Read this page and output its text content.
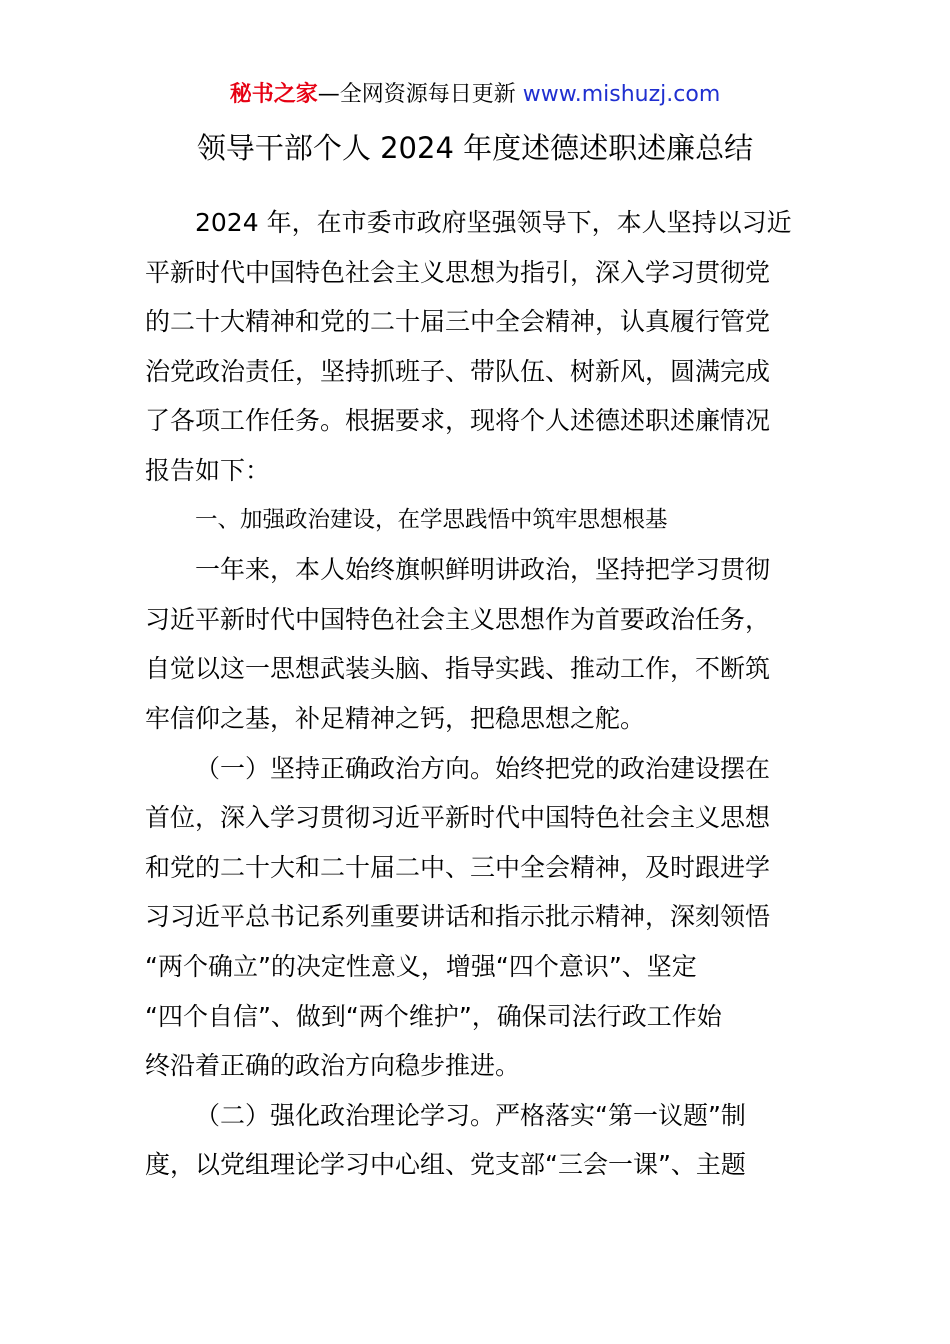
秘书之家—全网资源每日更新 www.mishuzj.com
领导干部个人 2024 年度述德述职述廉总结
2024 年，在市委市政府坚强领导下，本人坚持以习近
平新时代中国特色社会主义思想为指引，深入学习贯彻党
的二十大精神和党的二十届三中全会精神，认真履行管党
治党政治责任，坚持抓班子、带队伍、树新风，圆满完成
了各项工作任务。根据要求，现将个人述德述职述廉情况
报告如下：
一、加强政治建设，在学思践悟中筑牢思想根基
一年来，本人始终旗帜鲜明讲政治，坚持把学习贯彻
习近平新时代中国特色社会主义思想作为首要政治任务，
自觉以这一思想武装头脑、指导实践、推动工作，不断筑
牢信仰之基，补足精神之钙，把稳思想之舵。
（一）坚持正确政治方向。始终把党的政治建设摆在
首位，深入学习贯彻习近平新时代中国特色社会主义思想
和党的二十大和二十届二中、三中全会精神，及时跟进学
习习近平总书记系列重要讲话和指示批示精神，深刻领悟
“两个确立”的决定性意义，增强“四个意识”、坚定
“四个自信”、做到“两个维护”，确保司法行政工作始
终沿着正确的政治方向稳步推进。
（二）强化政治理论学习。严格落实“第一议题”制
度，以党组理论学习中心组、党支部“三会一课”、主题
